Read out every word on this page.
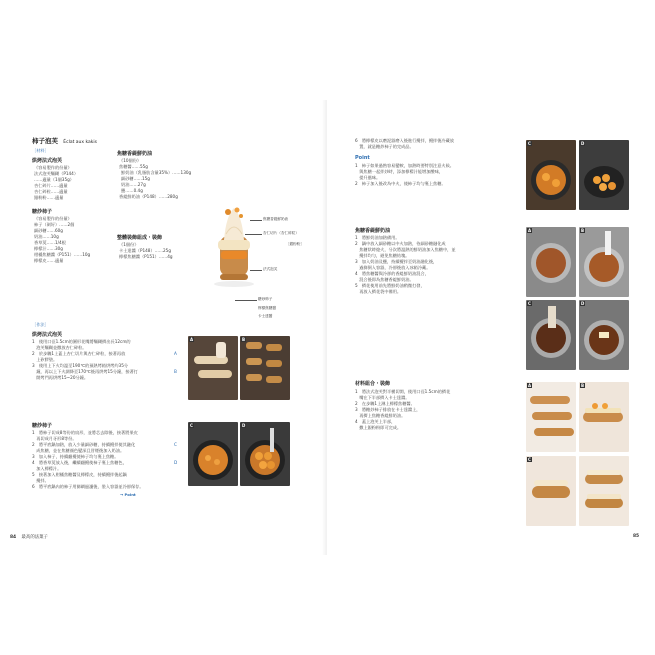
柿子泡芙 Éclat aux kakis
［材料］
烘烤法式泡芙
《容易製作的份量》
法式泡芙麵糊（P144）
……適量（1個35g）
杏仁碎片……適量
杏仁碎粒……適量
銀粉粉……適量
糖炒柿子
《容易製作的份量》
柿子（剝好）……2個
細砂糖……60g
奶油……10g
香草莢……1/4根
檸檬汁……30g
柑橘焦糖醬（P151）……10g
檸檬皮……適量
焦糖香緹鮮奶油
《10個份》
焦糖醬……55g
鮮奶油（乳脂肪含量35%）……130g
細砂糖……15g
奶油……27g
鹽……0.4g
香緹鮮奶油（P148）……280g
整體裝飾組成・裝飾
《1個份》
卡士達醬（P148）……25g
檸檬焦糖醬（P151）……4g
焦糖香緹鮮奶油
杏仁切片（杏仁碎粒）
［銀粉粉］
法式泡芙
糖炒柿子
檸檬焦糖醬
卡士達醬
［作法］
烘烤法式泡芙
1　使用口徑1.5cm的圓形花嘴將麵糊擠出長12cm的
　泡芙麵糊並撒放杏仁碎粒。
2　於步驟1上蓋上杏仁切片與杏仁碎粒，接著再放
　上矽膠墊。
3　使用上下火均溫至190℃的預熱烤箱烘烤約35分
　鐘，再以上下火調降至170℃後再烘烤15分鐘，接著打
　開烤門再烘烤15~20分鐘。
A
B
糖炒柿子
1　將柿子切成8等份的扇形，並將芯去除後，接著將果皮
　再切成月牙形8等份。
2　將平底鍋加熱，放入少量細砂糖，持續攪拌使其融化
　成焦糖，並在焦糖顏色變深且冒煙後加入奶油。
3　加入柿子，持續翻攪使柿子均勻裹上焦糖。
4　將香草莢放入後，繼續翻攪使柿子裹上焦糖色，
　加入檸檬汁。
5　接著加入柑橘焦糖醬及檸檬皮，持續攪拌後起鍋
　攪拌。
6　將平底鍋內的柿子用篩網過濾後，裝入容器並冷卻保存。
C
D
→ Point
A	B
C	D
84 最高的法菓子
6　將檸檬皮以磨泥器磨入後進行攪拌，攪拌後冷藏放
　置，就是糖炒柿子的完成品。
Point
1　柿子如果過熟容易變軟，加熱時要特別注意火候。
　與焦糖一起拌炒時，添加檸檬汁能增加酸味，
　提升風味。
2　柿子加入後改為中火，使柿子均勻裹上焦糖。
焦糖香緹鮮奶油
1　將鮮奶油加熱備用。
2　鍋中放入細砂糖以中火加熱，待細砂糖融化成
　焦糖狀時熄火，分次將溫熱的鮮奶油加入焦糖中，並
　攪拌均勻，避免焦糖結塊。
3　加入奶油及鹽，持續攪拌至奶油融化後，
　過篩倒入容器，冷卻後放入冰箱冷藏。
4　將焦糖醬與冷卻的香緹鮮奶油混合，
　混合後即為焦糖香緹鮮奶油。
5　擠花使用前先將鮮奶油稍微打發，
　再放入擠花袋中備用。
材料組合・裝飾
1　將法式泡芙對半橫切開，使用口徑1.5cm的擠花
　嘴在下半部擠入卡士達醬。
2　在步驟1上淋上檸檬焦糖醬。
3　將糖炒柿子排放在卡士達醬上，
　再擠上焦糖香緹鮮奶油。
4　蓋上泡芙上半部，
　撒上銀粉粉即可完成。
C	D
A	B
C	D
A	B
C
85
